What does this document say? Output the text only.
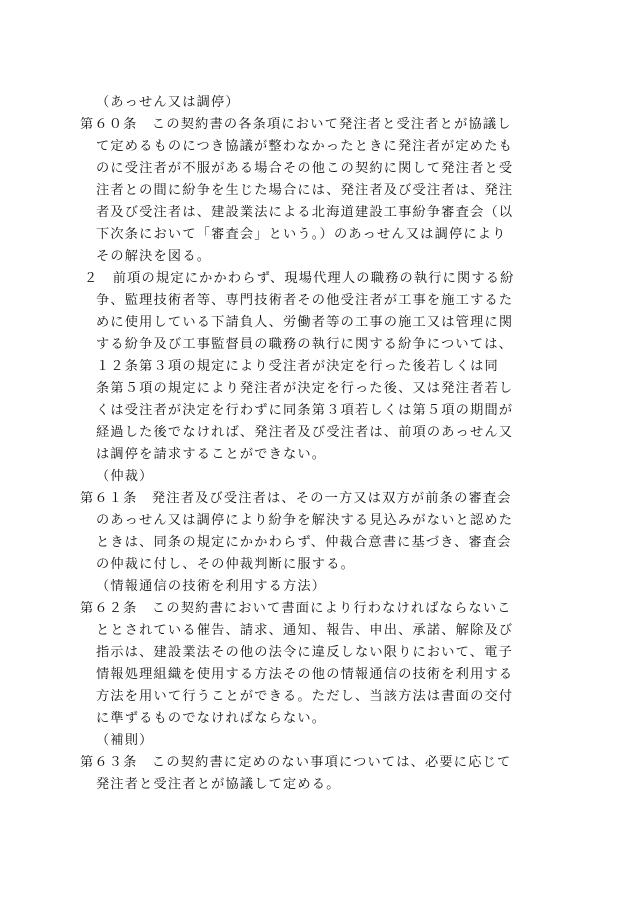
（あっせん又は調停）
第６０条　この契約書の各条項において発注者と受注者とが協議し
て定めるものにつき協議が整わなかったときに発注者が定めたも
のに受注者が不服がある場合その他この契約に関して発注者と受
注者との間に紛争を生じた場合には、発注者及び受注者は、発注
者及び受注者は、建設業法による北海道建設工事紛争審査会（以
下次条において「審査会」という。）のあっせん又は調停により
その解決を図る。
２　前項の規定にかかわらず、現場代理人の職務の執行に関する紛
争、監理技術者等、専門技術者その他受注者が工事を施工するた
めに使用している下請負人、労働者等の工事の施工又は管理に関
する紛争及び工事監督員の職務の執行に関する紛争については、
１２条第３項の規定により受注者が決定を行った後若しくは同
条第５項の規定により発注者が決定を行った後、又は発注者若し
くは受注者が決定を行わずに同条第３項若しくは第５項の期間が
経過した後でなければ、発注者及び受注者は、前項のあっせん又
は調停を請求することができない。
（仲裁）
第６１条　発注者及び受注者は、その一方又は双方が前条の審査会
のあっせん又は調停により紛争を解決する見込みがないと認めた
ときは、同条の規定にかかわらず、仲裁合意書に基づき、審査会
の仲裁に付し、その仲裁判断に服する。
（情報通信の技術を利用する方法）
第６２条　この契約書において書面により行わなければならないこ
ととされている催告、請求、通知、報告、申出、承諾、解除及び
指示は、建設業法その他の法令に違反しない限りにおいて、電子
情報処理組織を使用する方法その他の情報通信の技術を利用する
方法を用いて行うことができる。ただし、当該方法は書面の交付
に準ずるものでなければならない。
（補則）
第６３条　この契約書に定めのない事項については、必要に応じて
発注者と受注者とが協議して定める。
